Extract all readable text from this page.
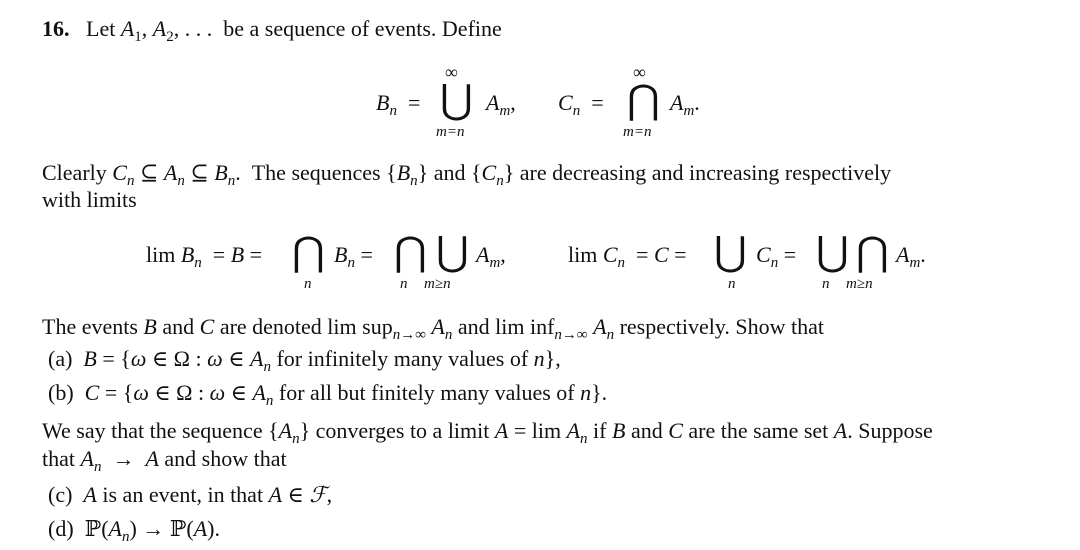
16.   Let $A_1$, $A_2$, . . .  be a sequence of events. Define
$B_n$  =
∞
⋃
m=n
$A_m$, $C_n$  =
∞
⋂
m=n
$A_m$.
Clearly $C_n$ ⊆ $A_n$ ⊆ $B_n$.  The sequences $\{B_n\}$ and $\{C_n\}$ are decreasing and increasing respectively
with limits
$\lim B_n = B$ = ⋂
n
$B_n$ = ⋂ ⋃
n m≥n
$A_m$,	$\lim C_n = C$ = ⋃
n
$C_n$ = ⋃ ⋂
n m≥n
$A_m$.
The events B and C are denoted lim sup$_{n\to\infty}$ $A_n$ and lim inf$_{n\to\infty}$ $A_n$ respectively. Show that
(a)  B = {ω ∈ Ω : ω ∈ $A_n$ for infinitely many values of n},
(b)  C = {ω ∈ Ω : ω ∈ $A_n$ for all but finitely many values of n}.
We say that the sequence $\{A_n\}$ converges to a limit $A = \lim A_n$ if B and C are the same set A. Suppose
that $A_n \to A$ and show that
(c)  A is an event, in that A ∈ ℱ,
(d)  $ℙ(A_n)$ → ℙ(A).
